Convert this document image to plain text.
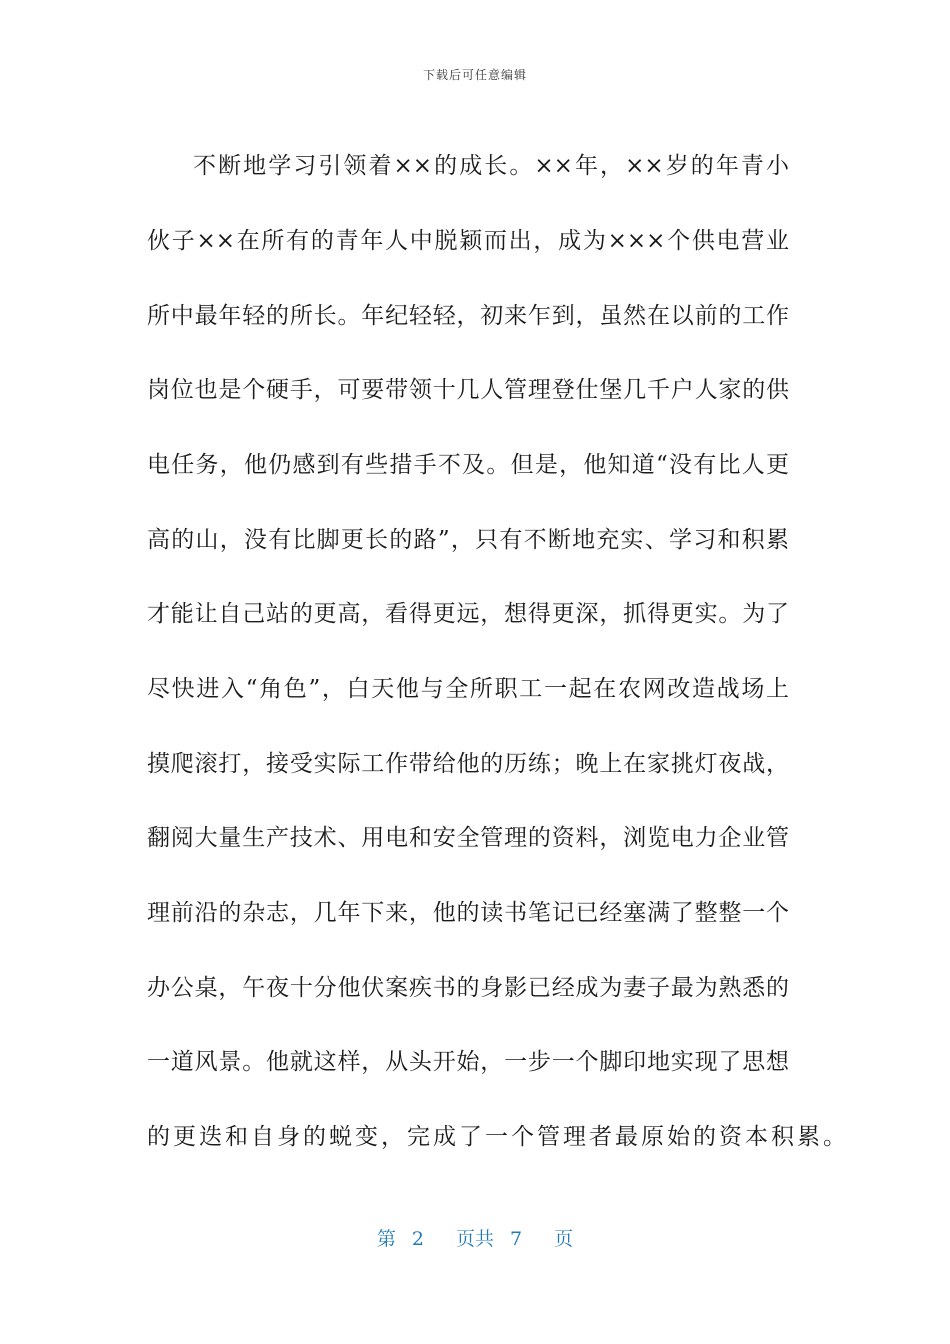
下载后可任意编辑
不断地学习引领着××的成长。××年，××岁的年青小
伙子××在所有的青年人中脱颖而出，成为×××个供电营业
所中最年轻的所长。年纪轻轻，初来乍到，虽然在以前的工作
岗位也是个硬手，可要带领十几人管理登仕堡几千户人家的供
电任务，他仍感到有些措手不及。但是，他知道“没有比人更
高的山，没有比脚更长的路”，只有不断地充实、学习和积累
才能让自己站的更高，看得更远，想得更深，抓得更实。为了
尽快进入“角色”，白天他与全所职工一起在农网改造战场上
摸爬滚打，接受实际工作带给他的历练；晚上在家挑灯夜战，
翻阅大量生产技术、用电和安全管理的资料，浏览电力企业管
理前沿的杂志，几年下来，他的读书笔记已经塞满了整整一个
办公桌，午夜十分他伏案疾书的身影已经成为妻子最为熟悉的
一道风景。他就这样，从头开始，一步一个脚印地实现了思想
的更迭和自身的蜕变，完成了一个管理者最原始的资本积累。
第 2 页共 7 页
